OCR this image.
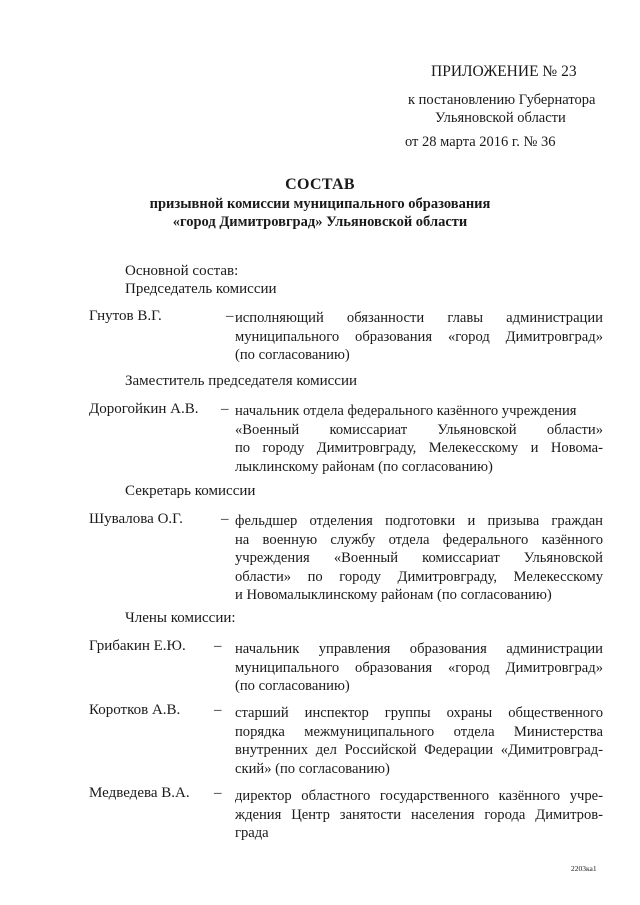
ПРИЛОЖЕНИЕ № 23
к постановлению Губернатора
Ульяновской области
от 28 марта 2016 г. № 36
СОСТАВ
призывной комиссии муниципального образования
«город Димитровград» Ульяновской области
Основной состав:
Председатель комиссии
Гнутов В.Г.	– исполняющий обязанности главы администрации
муниципального образования «город Димитровград»
(по согласованию)
Заместитель председателя комиссии
Дорогойкин А.В. – начальник отдела федерального казённого учреждения
«Военный комиссариат Ульяновской области»
по городу Димитровграду, Мелекесскому и Новома-
лыклинскому районам (по согласованию)
Секретарь комиссии
Шувалова О.Г.	– фельдшер отделения подготовки и призыва граждан
на военную службу отдела федерального казённого
учреждения «Военный комиссариат Ульяновской
области» по городу Димитровграду, Мелекесскому
и Новомалыклинскому районам (по согласованию)
Члены комиссии:
Грибакин Е.Ю. – начальник управления образования администрации
муниципального образования «город Димитровград»
(по согласованию)
Коротков А.В. – старший инспектор группы охраны общественного
порядка межмуниципального отдела Министерства
внутренних дел Российской Федерации «Димитровград-
ский» (по согласованию)
Медведева В.А. – директор областного государственного казённого учре-
ждения Центр занятости населения города Димитров-
града
2203ка1
